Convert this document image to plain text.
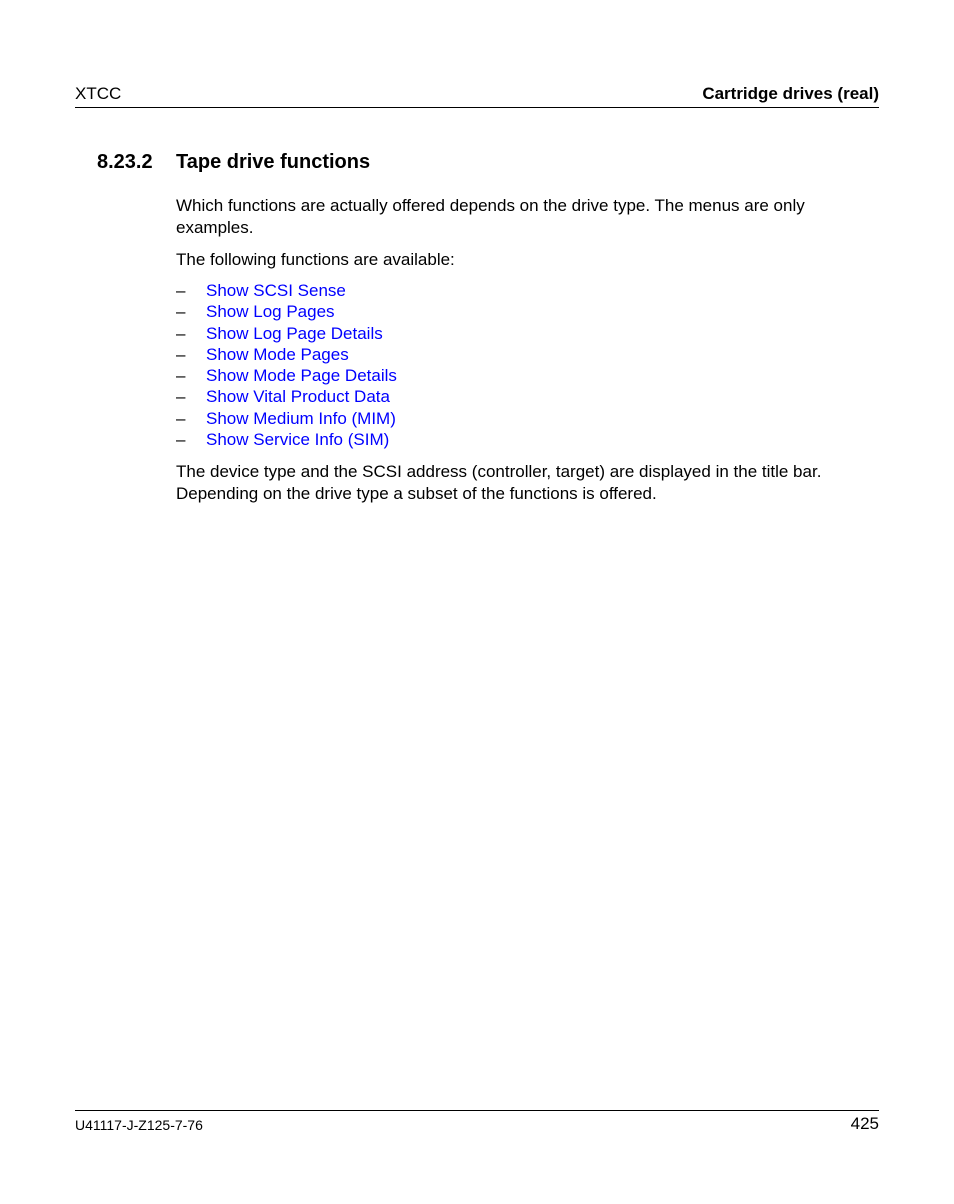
XTCC	Cartridge drives (real)
8.23.2 Tape drive functions

Which functions are actually offered depends on the drive type. The menus are only examples.

The following functions are available:

– Show SCSI Sense
– Show Log Pages
– Show Log Page Details
– Show Mode Pages
– Show Mode Page Details
– Show Vital Product Data
– Show Medium Info (MIM)
– Show Service Info (SIM)

The device type and the SCSI address (controller, target) are displayed in the title bar. Depending on the drive type a subset of the functions is offered.

U41117-J-Z125-7-76	425
